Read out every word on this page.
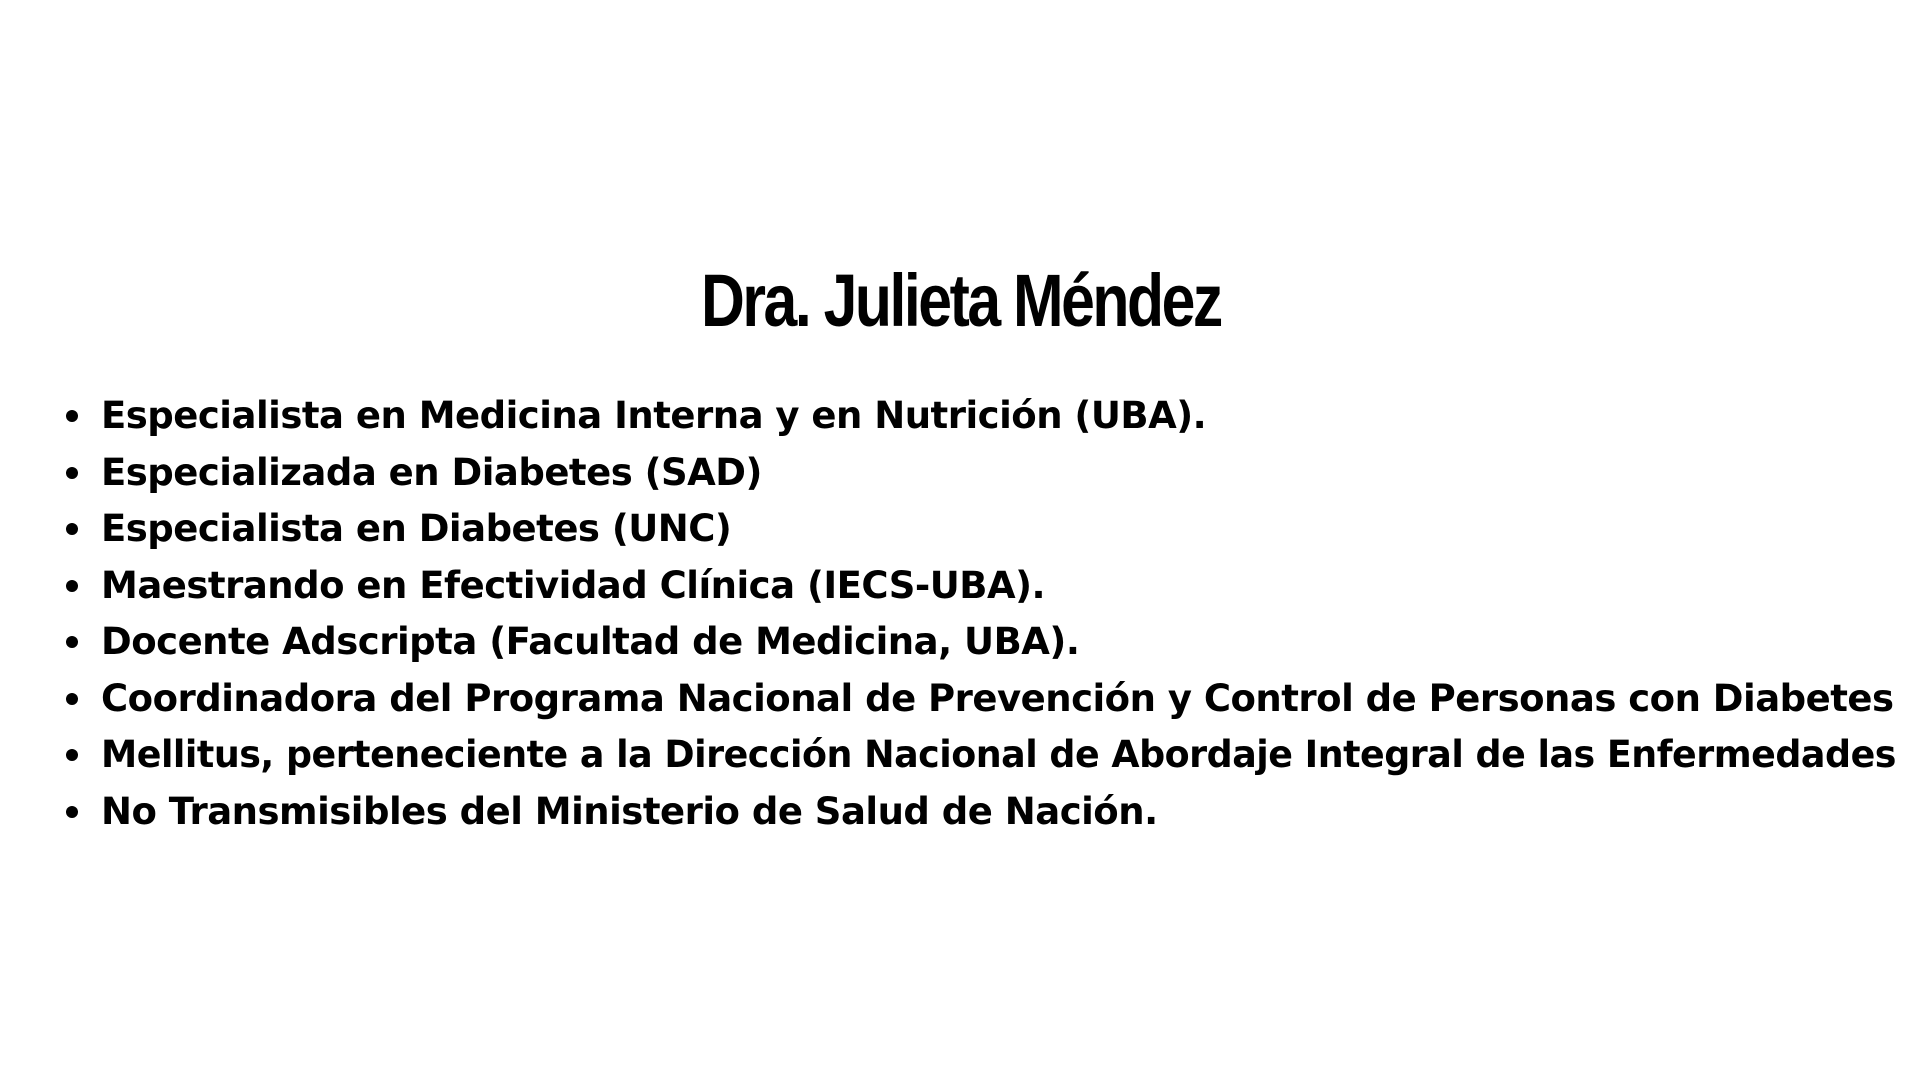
Dra. Julieta Méndez
Especialista en Medicina Interna y en Nutrición (UBA).
Especializada en Diabetes (SAD)
Especialista en Diabetes (UNC)
Maestrando en Efectividad Clínica (IECS-UBA).
Docente Adscripta (Facultad de Medicina, UBA).
Coordinadora del Programa Nacional de Prevención y Control de Personas con Diabetes
Mellitus, perteneciente a la Dirección Nacional de Abordaje Integral de las Enfermedades
No Transmisibles del Ministerio de Salud de Nación.
